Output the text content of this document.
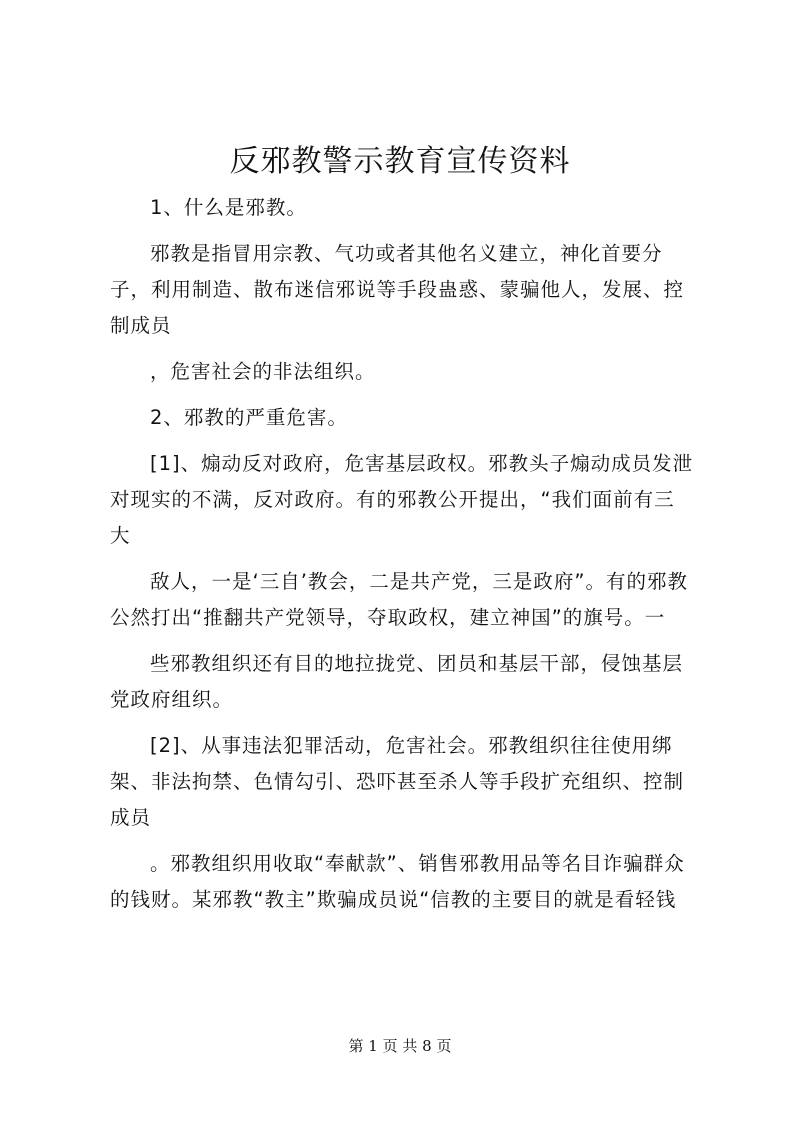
反邪教警示教育宣传资料

1、什么是邪教。

邪教是指冒用宗教、气功或者其他名义建立，神化首要分子，利用制造、散布迷信邪说等手段蛊惑、蒙骗他人，发展、控制成员

，危害社会的非法组织。

2、邪教的严重危害。

[1]、煽动反对政府，危害基层政权。邪教头子煽动成员发泄对现实的不满，反对政府。有的邪教公开提出，“我们面前有三大

敌人，一是‘三自’教会，二是共产党，三是政府”。有的邪教公然打出“推翻共产党领导，夺取政权，建立神国”的旗号。一

些邪教组织还有目的地拉拢党、团员和基层干部，侵蚀基层党政府组织。

[2]、从事违法犯罪活动，危害社会。邪教组织往往使用绑架、非法拘禁、色情勾引、恐吓甚至杀人等手段扩充组织、控制成员

。邪教组织用收取“奉献款”、销售邪教用品等名目诈骗群众的钱财。某邪教“教主”欺骗成员说“信教的主要目的就是看轻钱

第 1 页 共 8 页
